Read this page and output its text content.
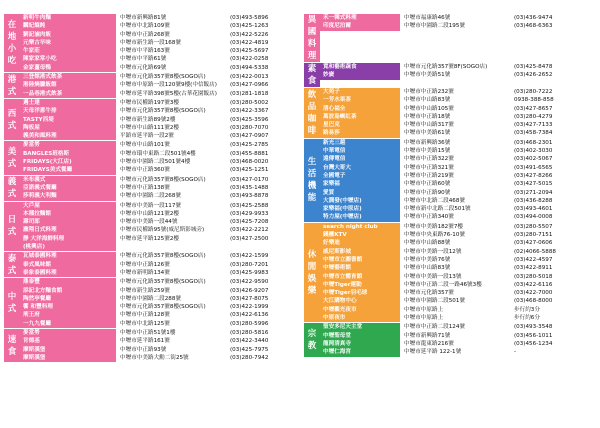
在
地
小
吃
新明牛肉麵	中壢市新興路81號	(03)493-5896
麟妃餛飩	中壢市中北路109號	(03)425-1263
劉記滷肉飯	中壢市中正路268號	(03)422-5226
元樂古早味	中壢市新生路一段168號	(03)422-4819
牛家莊	中壢市中平路163號	(03)425-5697
陳家家常小吃	中壢市中平路61號	(03)422-0258
金家薑母鴨	中壢市元化路69號	(03)494-5338
港
式
三登館港式飲茶	中壢市元化路357號8樓(SOGO店)	(03)422-0013
港陸燒臘飯館	中壢市中原路一段120號9樓(中信飯店)	(03)427-0966
一品巷港式飲茶	中壢市延平路398號5樓(古華花園飯店)	(03)281-1818
西
式
邁士達	中壢市民權路197號3樓	(03)280-5002
天母洋蔥牛排	中壢市元化路357號8樓(SOGO店)	(03)422-3367
TASTY西堤	中壢市新生路89號2樓	(03)425-3596
陶板屋	中壢市中山路111號2樓	(03)280-7070
義美和風料理	平鎮市延平路一段2號	(03)427-0907
美
式
麥當勞	中壢市中山路101號	(03)425-2785
BANGLES班格斯	中壢市環中東路二段501號4樓	(03)455-8881
FRIDAYS(大江店)	中壢市中園路二段501號4樓	(03)468-0020
FRIDAYS美式餐廳	中壢市中正路360號	(03)425-1251
義
式
米布義式	中壢市元化路357號8樓(SOGO店)	(03)427-0170
亞諾義式餐廳	中壢市中正路138號	(03)435-1488
莎莉義大利麵	中壢市中園路二段268號	(03)493-8878
日
式
大戶屋	中壢市中美路一段117號	(03)425-2588
本種拉麵館	中壢市中山路121號2樓	(03)429-9933
壽司郎	中壢市中美路一段44號	(03)425-7208
瀧翔日式料理	中壢市民權路95號(威尼斯影城旁)	(03)422-2212
靜 大洋海鮮料理	中壢市延平路125號2樓	(03)427-2500
(桃興店)
泰
式
瓦城泰國料理	中壢市元化路357號8樓(SOGO店)	(03)422-1599
泰式風味館	中壢市中正路126號	(03)280-7201
泰象泰國料理	中壢市新明路134號	(03)425-9983
中
式
鼎泰豐	中壢市元化路357號8樓(SOGO店)	(03)422-9590
添記北方麵食館	中壢市新生路259號	(03)426-9207
陶然亭餐廳	中壢市中園路二段288號	(03)427-8075
饗 和豐料理	中壢市元化路357號8樓(SOGO店)	(03)422-1999
荊王府	中壢市中正路128號	(03)422-6136
一九九餐廳	中壢市中北路125號	(03)280-5996
速
食
麥當勞	中壢市中正路51號1樓	(03)280-5816
肯德基	中壢市延平路161號	(03)422-3440
摩斯漢堡	中壢市中正路93號	(03)425-7975
摩斯漢堡	中壢市中美路大勳二街25號	(03)280-7942
異
國
料
理
禾一韓式料理	中壢市福康路46號	(03)436-9474
印度尼泊爾	中壢市中園路二段195號	(03)468-6363
素
食
寬和藝術蔬食	中壢市元化路357號8F(SOGO店)	(03)425-8478
妙廣	中壢市中美路51號	(03)426-2652
飲
品
咖
啡
大苑子	中壢市中正路232號	(03)280-7222
一芳水果茶	中壢市中山路83號	0938-388-858
清心福全	中壢市中山路105號	(03)427-8657
萬波島嶼紅茶	中壢市中正路18號	(03)280-4279
星巴克	中壢市中山路317號	(03)427-7133
路易莎	中壢市中美路61號	(03)458-7384
生
活
機
能
新光三越	中壢市新興路36號	(03)468-2301
中華電信	中壢市中美路15號	(03)402-3030
遠傳電信	中壢市中正路322號	(03)402-5067
台灣大哥大	中壢市中正路321號	(03)491-6565
全國電子	中壢市中正路219號	(03)427-8266
家樂福	中壢市中正路60號	(03)427-5015
愛買	中壢市中正路90號	(03)271-2094
大潤發(中壢店)	中壢市中北路二段468號	(03)436-8288
家樂福(中原店)	中壢市新中北路二段501號	(03)493-4601
特力屋(中壢店)	中壢市中正路340號	(03)494-0008
休
閒
娛
樂
search night club	中壢市中美路182號7樓	(03)280-5507
錢櫃KTV	中壢市中央東路76-10號	(03)280-7151
好樂迪	中壢市中山路88號	(03)427-0606
威尼斯影城	中壢市中美路一段12號	(02)4066-5888
中壢市立圖書館	中壢市中美路76號	(03)422-4597
中壢藝術館	中壢市中山路83號	(03)422-8911
中壢市立體育館	中壢市中美路一段13號	(03)280-5018
中壢Tiger運動	中壢市中正路二段一路46號3樓	(03)422-6116
中壢Tiger羽毛球	中壢市元化路357號	(03)422-7000
大江購物中心	中壢市中園路二段501號	(03)468-8000
中壢觀光夜市	中壢市中原路上	步行約3分
中原夜市	中壢市中原路上	步行約6分
宗
教
聖安多尼天主堂	中壢市中正路二段124號	(03)493-3548
中壢聖母堂	中壢市新興路71號	(03)456-1011
龍岡清真寺	中壢市龍東路216號	(03)456-1234
中壢仁海宮	中壢市延平路 122-1號	-
